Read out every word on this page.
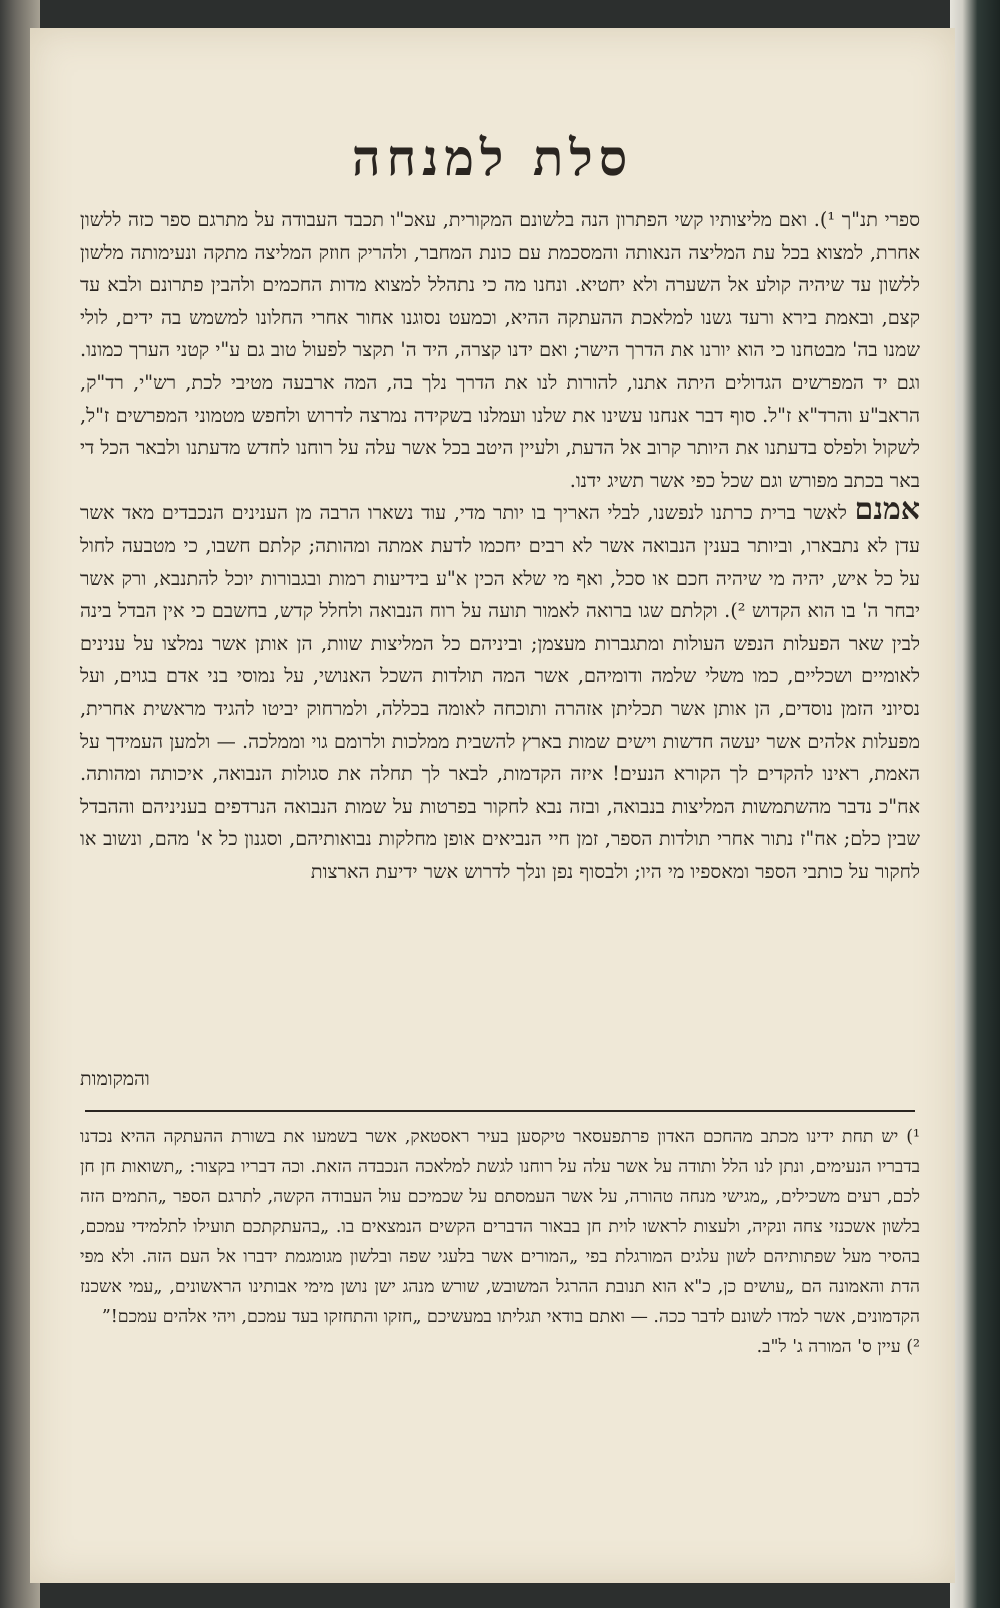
סלת למנחה

ספרי תנ"ך ¹). ואם מליצותיו קשי הפתרון הנה בלשונם המקורית, עאכ"ו תכבד העבודה על מתרגם ספר כזה ללשון אחרת, למצוא בכל עת המליצה הנאותה והמסכמת עם כונת המחבר, ולהריק חוזק המליצה מתקה ונעימותה מלשון ללשון עד שיהיה קולע אל השערה ולא יחטיא. ונחנו מה כי נתהלל למצוא מדות החכמים ולהבין פתרונם ולבא עד קצם, ובאמת בירא ורעד גשנו למלאכת ההעתקה ההיא, וכמעט נסוגנו אחור אחרי החלונו למשמש בה ידים, לולי שמנו בה' מבטחנו כי הוא יורנו את הדרך הישר; ואם ידנו קצרה, היד ה' תקצר לפעול טוב גם ע"י קטני הערך כמונו. וגם יד המפרשים הגדולים היתה אתנו, להורות לנו את הדרך נלך בה, המה ארבעה מטיבי לכת, רש"י, רד"ק, הראב"ע והרד"א ז"ל. סוף דבר אנחנו עשינו את שלנו ועמלנו בשקידה נמרצה לדרוש ולחפש מטמוני המפרשים ז"ל, לשקול ולפלס בדעתנו את היותר קרוב אל הדעת, ולעיין היטב בכל אשר עלה על רוחנו לחדש מדעתנו ולבאר הכל די באר בכתב מפורש וגם שכל כפי אשר תשיג ידנו.

אמנם לאשר ברית כרתנו לנפשנו, לבלי האריך בו יותר מדי, עוד נשארו הרבה מן הענינים הנכבדים מאד אשר עדן לא נתבארו, וביותר בענין הנבואה אשר לא רבים יחכמו לדעת אמתה ומהותה; קלתם חשבו, כי מטבעה לחול על כל איש, יהיה מי שיהיה חכם או סכל, ואף מי שלא הכין א"ע בידיעות רמות ובגבורות יוכל להתנבא, ורק אשר יבחר ה' בו הוא הקדוש ²). וקלתם שגו ברואה לאמור תועה על רוח הנבואה ולחלל קדש, בחשבם כי אין הבדל בינה לבין שאר הפעלות הנפש העולות ומתגברות מעצמן; וביניהם כל המליצות שוות, הן אותן אשר נמלצו על ענינים לאומיים ושכליים, כמו משלי שלמה ודומיהם, אשר המה תולדות השכל האנושי, על נמוסי בני אדם בגוים, ועל נסיוני הזמן נוסדים, הן אותן אשר תכליתן אזהרה ותוכחה לאומה בכללה, ולמרחוק יביטו להגיד מראשית אחרית, מפעלות אלהים אשר יעשה חדשות וישים שמות בארץ להשבית ממלכות ולרומם גוי וממלכה. — ולמען העמידך על האמת, ראינו להקדים לך הקורא הנעים! איזה הקדמות, לבאר לך תחלה את סגולות הנבואה, איכותה ומהותה. אח"כ נדבר מהשתמשות המליצות בנבואה, ובזה נבא לחקור בפרטות על שמות הנבואה הנרדפים בעניניהם וההבדל שבין כלם; אח"ז נתור אחרי תולדות הספר, זמן חיי הנביאים אופן מחלקות נבואותיהם, וסגנון כל א' מהם, ונשוב או לחקור על כותבי הספר ומאספיו מי היו; ולבסוף נפן ונלך לדרוש אשר ידיעת הארצות

והמקומות

¹) יש תחת ידינו מכתב מהחכם האדון פרתפעסאר טיקסען בעיר ראסטאק, אשר בשמעו את בשורת ההעתקה ההיא נכדנו בדבריו הנעימים, ונתן לנו הלל ותודה על אשר עלה על רוחנו לגשת למלאכה הנכבדה הזאת. וכה דבריו בקצור: „תשואות חן חן לכם, רעים משכילים, „מגישי מנחה טהורה, על אשר העמסתם על שכמיכם עול העבודה הקשה, לתרגם הספר „התמים הזה בלשון אשכנזי צחה ונקיה, ולעצות לראשו לוית חן בבאור הדברים הקשים הנמצאים בו. „בהעתקתכם תועילו לתלמידי עמכם, בהסיר מעל שפתותיהם לשון עלגים המורגלת בפי „המורים אשר בלעגי שפה ובלשון מגומגמת ידברו אל העם הזה. ולא מפי הדת והאמונה הם „עושים כן, כ"א הוא תנובת ההרגל המשובש, שורש מנהג ישן נושן מימי אבותינו הראשונים, „עמי אשכנז הקדמונים, אשר למדו לשונם לדבר ככה. — ואתם בודאי תגליתו במעשיכם „חזקו והתחזקו בעד עמכם, ויהי אלהים עמכם!”

²) עיין ס' המורה ג' ל"ב.
